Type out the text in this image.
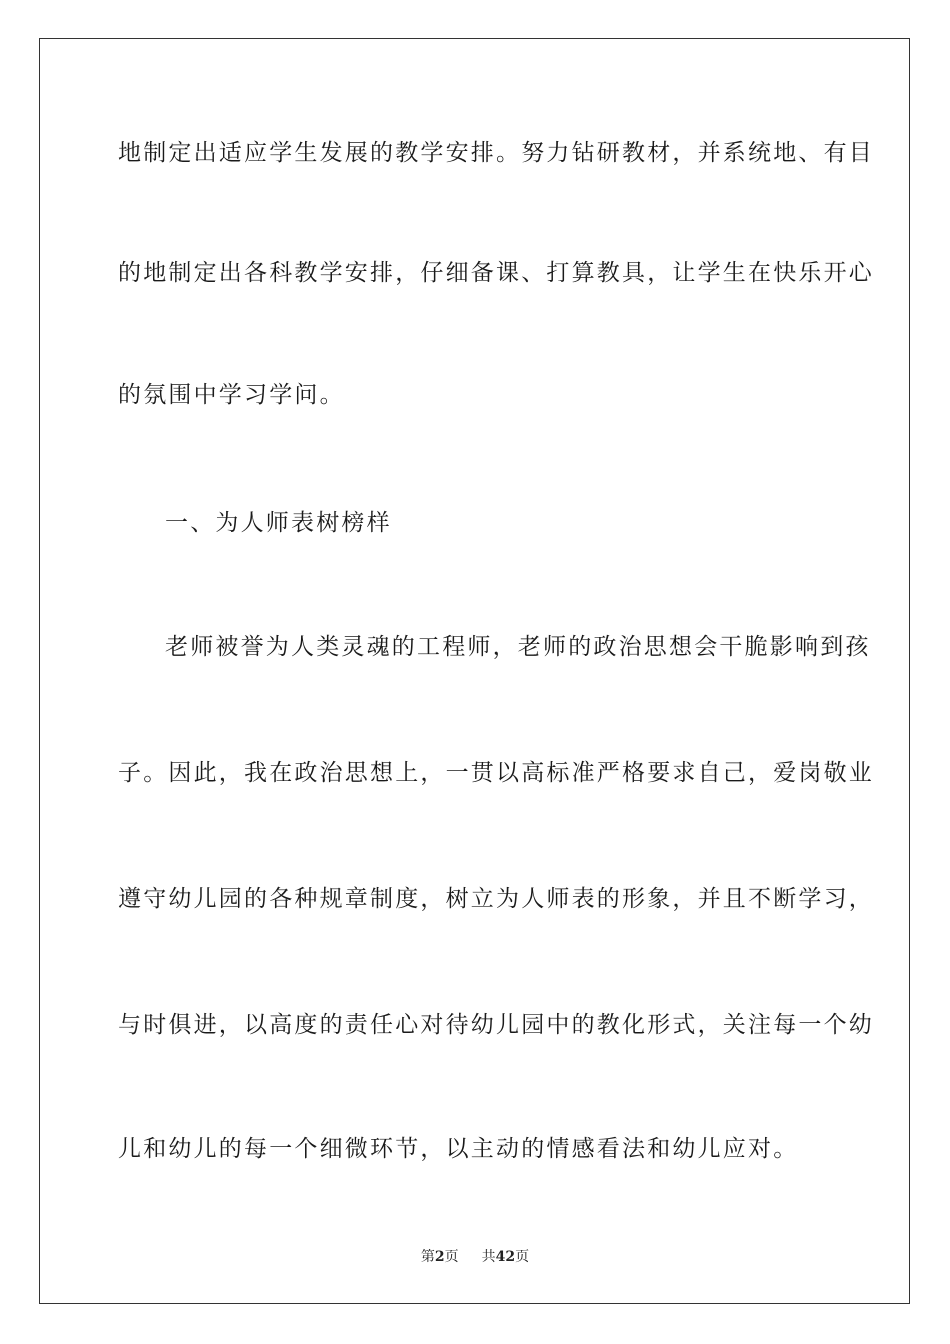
地制定出适应学生发展的教学安排。努力钻研教材，并系统地、有目
的地制定出各科教学安排，仔细备课、打算教具，让学生在快乐开心
的氛围中学习学问。
一、为人师表树榜样
老师被誉为人类灵魂的工程师，老师的政治思想会干脆影响到孩
子。因此，我在政治思想上，一贯以高标准严格要求自己，爱岗敬业
遵守幼儿园的各种规章制度，树立为人师表的形象，并且不断学习，
与时俱进，以高度的责任心对待幼儿园中的教化形式，关注每一个幼
儿和幼儿的每一个细微环节，以主动的情感看法和幼儿应对。
第2页 共42页
